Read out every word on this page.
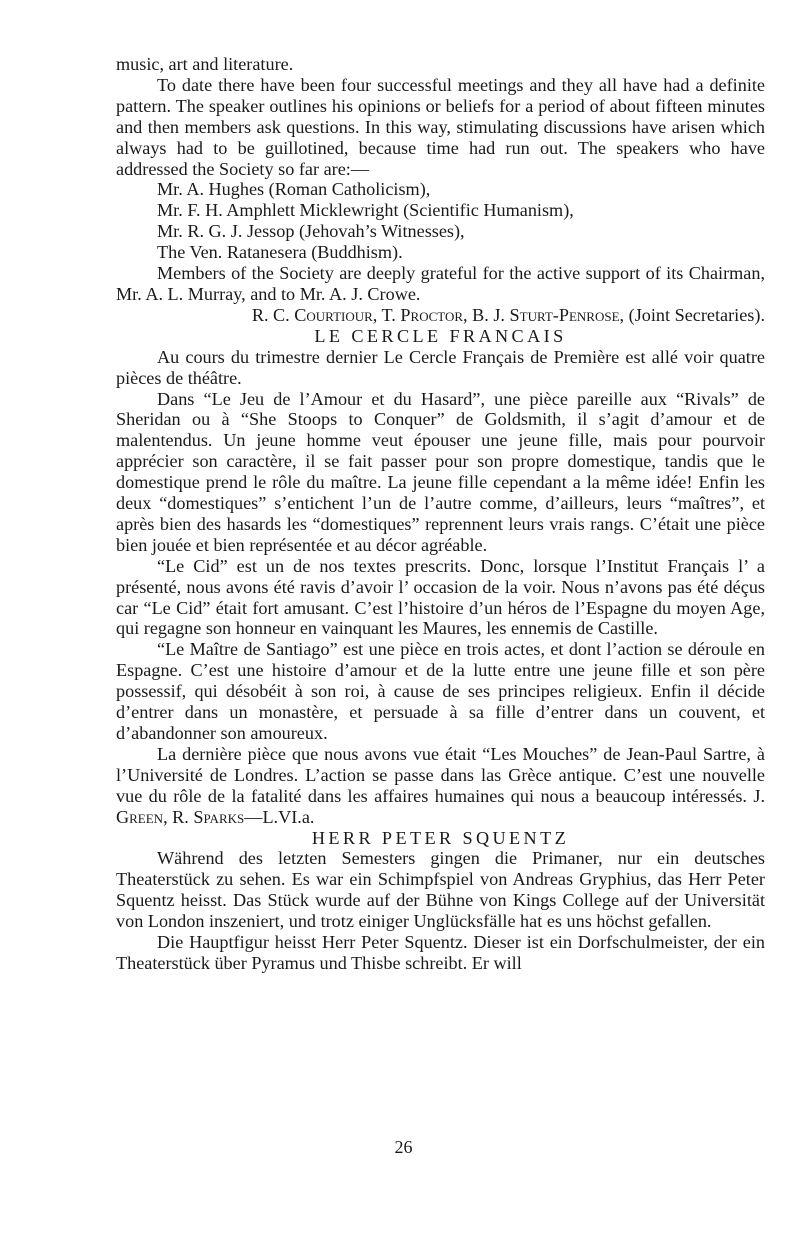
music, art and literature.

To date there have been four successful meetings and they all have had a definite pattern. The speaker outlines his opinions or beliefs for a period of about fifteen minutes and then members ask questions. In this way, stimulating discussions have arisen which always had to be guillotined, because time had run out. The speakers who have addressed the Society so far are:—

Mr. A. Hughes (Roman Catholicism),

Mr. F. H. Amphlett Micklewright (Scientific Humanism),

Mr. R. G. J. Jessop (Jehovah’s Witnesses),

The Ven. Ratanesera (Buddhism).

Members of the Society are deeply grateful for the active support of its Chairman, Mr. A. L. Murray, and to Mr. A. J. Crowe.

R. C. Courtiour, T. Proctor, B. J. Sturt-Penrose, (Joint Secretaries).

LE CERCLE FRANCAIS

Au cours du trimestre dernier Le Cercle Français de Première est allé voir quatre pièces de théâtre.

Dans “Le Jeu de l’Amour et du Hasard”, une pièce pareille aux “Rivals” de Sheridan ou à “She Stoops to Conquer” de Goldsmith, il s’agit d’amour et de malentendus. Un jeune homme veut épouser une jeune fille, mais pour pourvoir apprécier son caractère, il se fait passer pour son propre domestique, tandis que le domestique prend le rôle du maître. La jeune fille cependant a la même idée! Enfin les deux “domestiques” s’entichent l’un de l’autre comme, d’ailleurs, leurs “maîtres”, et après bien des hasards les “domestiques” reprennent leurs vrais rangs. C’était une pièce bien jouée et bien représentée et au décor agréable.

“Le Cid” est un de nos textes prescrits. Donc, lorsque l’Institut Français l’ a présenté, nous avons été ravis d’avoir l’ occasion de la voir. Nous n’avons pas été déçus car “Le Cid” était fort amusant. C’est l’histoire d’un héros de l’Espagne du moyen Age, qui regagne son honneur en vainquant les Maures, les ennemis de Castille.

“Le Maître de Santiago” est une pièce en trois actes, et dont l’action se déroule en Espagne. C’est une histoire d’amour et de la lutte entre une jeune fille et son père possessif, qui désobéit à son roi, à cause de ses principes religieux. Enfin il décide d’entrer dans un monastère, et persuade à sa fille d’entrer dans un couvent, et d’abandonner son amoureux.

La dernière pièce que nous avons vue était “Les Mouches” de Jean-Paul Sartre, à l’Université de Londres. L’action se passe dans las Grèce antique. C’est une nouvelle vue du rôle de la fatalité dans les affaires humaines qui nous a beaucoup intéressés. J. Green, R. Sparks—L.VI.a.

HERR PETER SQUENTZ

Während des letzten Semesters gingen die Primaner, nur ein deutsches Theaterstück zu sehen. Es war ein Schimpfspiel von Andreas Gryphius, das Herr Peter Squentz heisst. Das Stück wurde auf der Bühne von Kings College auf der Universität von London inszeniert, und trotz einiger Unglücksfälle hat es uns höchst gefallen.

Die Hauptfigur heisst Herr Peter Squentz. Dieser ist ein Dorfschulmeister, der ein Theaterstück über Pyramus und Thisbe schreibt. Er will

26
